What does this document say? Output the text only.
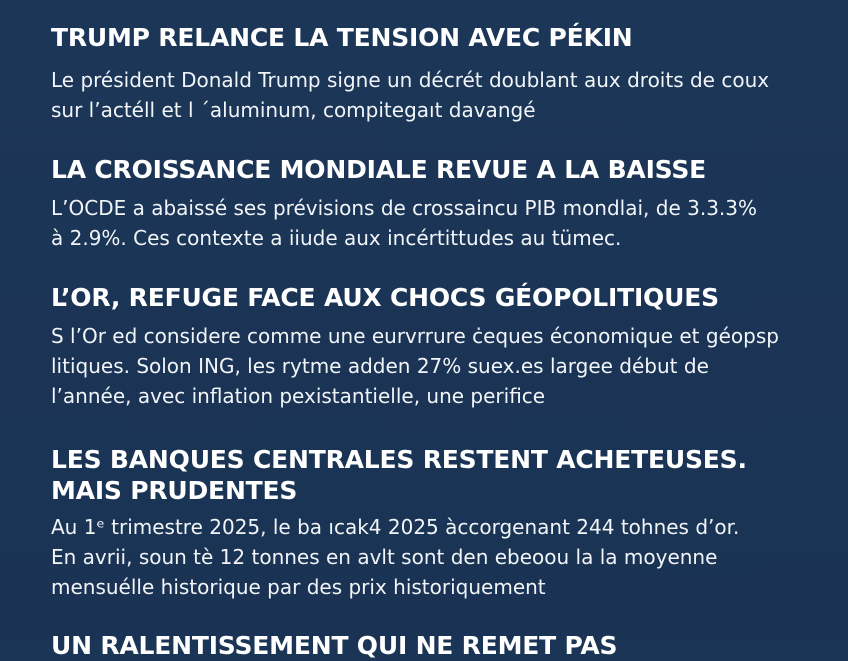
TRUMP RELANCE LA TENSION AVEC PÉKIN

Le président Donald Trump signe un décrét doublant aux droits de coux

sur l’actéll et l ´aluminum, compitegaıt davangé

LA CROISSANCE MONDIALE REVUE A LA BAISSE

L’OCDE a abaissé ses prévisions de crossaincu PIB mondlai, de 3.3.3%

à 2.9%. Ces contexte a iiude aux incértittudes au tümec.

L’OR, REFUGE FACE AUX CHOCS GÉOPOLITIQUES

S l’Or ed considere comme une eurvrrure ċeques économique et géopsp

litiques. Solon ING, les rytme adden 27% suex.es largee début de

l’année, avec inflation pexistantielle, une perifice

LES BANQUES CENTRALES RESTENT ACHETEUSES.
MAIS PRUDENTES

Au 1ᵉ trimestre 2025, le ba ıcak4 2025 àccorgenant 244 tohnes d’or.

En avrii, soun tè 12 tonnes en avlt sont den ebeoou la la moyenne

mensuélle historique par des prix historiquement

UN RALENTISSEMENT QUI NE REMET PAS
